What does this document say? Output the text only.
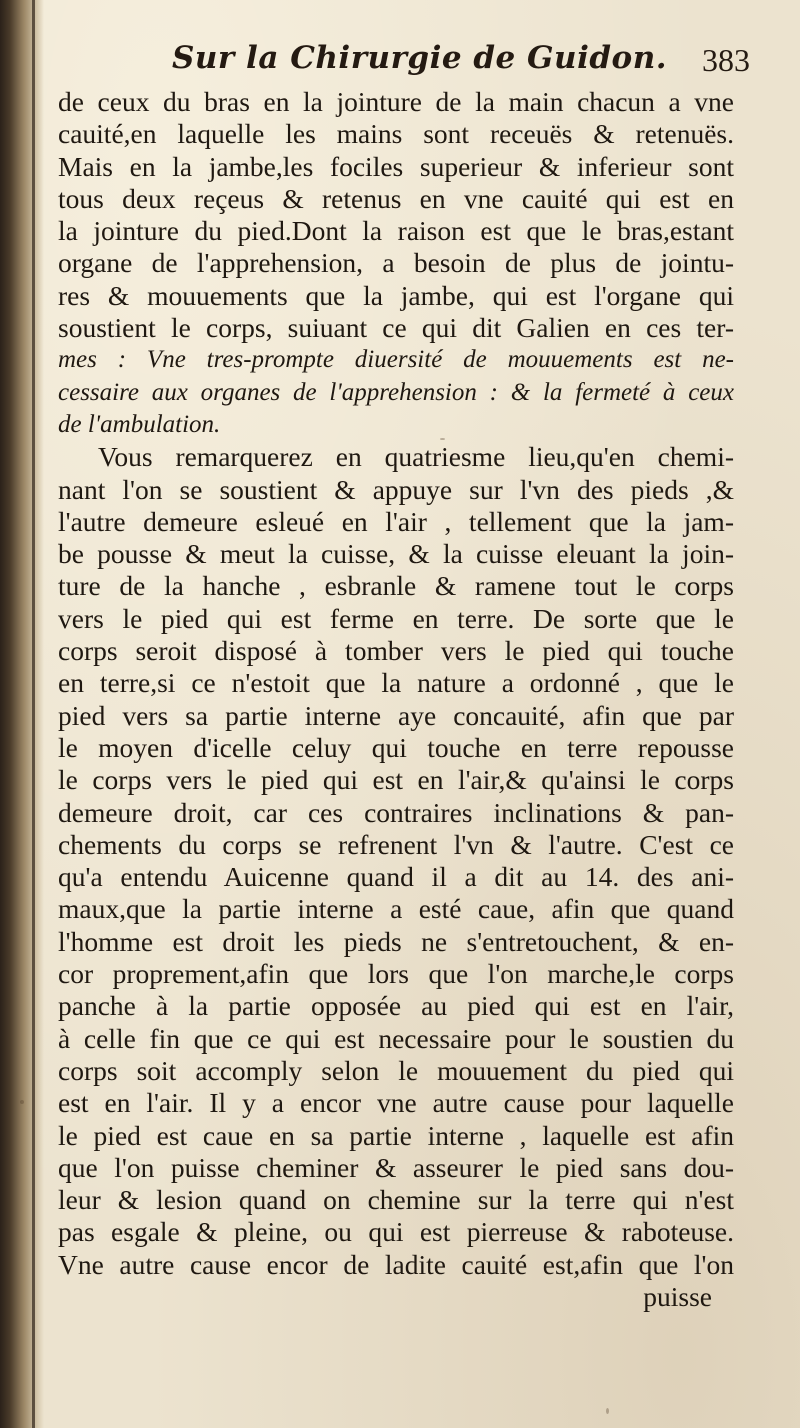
Sur la Chirurgie de Guidon. 383
de ceux du bras en la jointure de la main chacun a vne
cauité,en laquelle les mains sont receuës & retenuës.
Mais en la jambe,les fociles superieur & inferieur sont
tous deux reçeus & retenus en vne cauité qui est en
la jointure du pied.Dont la raison est que le bras,estant
organe de l'apprehension, a besoin de plus de jointu-
res & mouuements que la jambe, qui est l'organe qui
soustient le corps, suiuant ce qui dit Galien en ces ter-
mes : Vne tres-prompte diuersité de mouuements est ne-
cessaire aux organes de l'apprehension : & la fermeté à ceux
de l'ambulation.
Vous remarquerez en quatriesme lieu,qu'en chemi-
nant l'on se soustient & appuye sur l'vn des pieds ,&
l'autre demeure esleué en l'air , tellement que la jam-
be pousse & meut la cuisse, & la cuisse eleuant la join-
ture de la hanche , esbranle & ramene tout le corps
vers le pied qui est ferme en terre. De sorte que le
corps seroit disposé à tomber vers le pied qui touche
en terre,si ce n'estoit que la nature a ordonné , que le
pied vers sa partie interne aye concauité, afin que par
le moyen d'icelle celuy qui touche en terre repousse
le corps vers le pied qui est en l'air,& qu'ainsi le corps
demeure droit, car ces contraires inclinations & pan-
chements du corps se refrenent l'vn & l'autre. C'est ce
qu'a entendu Auicenne quand il a dit au 14. des ani-
maux,que la partie interne a esté caue, afin que quand
l'homme est droit les pieds ne s'entretouchent, & en-
cor proprement,afin que lors que l'on marche,le corps
panche à la partie opposée au pied qui est en l'air,
à celle fin que ce qui est necessaire pour le soustien du
corps soit accomply selon le mouuement du pied qui
est en l'air. Il y a encor vne autre cause pour laquelle
le pied est caue en sa partie interne , laquelle est afin
que l'on puisse cheminer & asseurer le pied sans dou-
leur & lesion quand on chemine sur la terre qui n'est
pas esgale & pleine, ou qui est pierreuse & raboteuse.
Vne autre cause encor de ladite cauité est,afin que l'on
puisse
